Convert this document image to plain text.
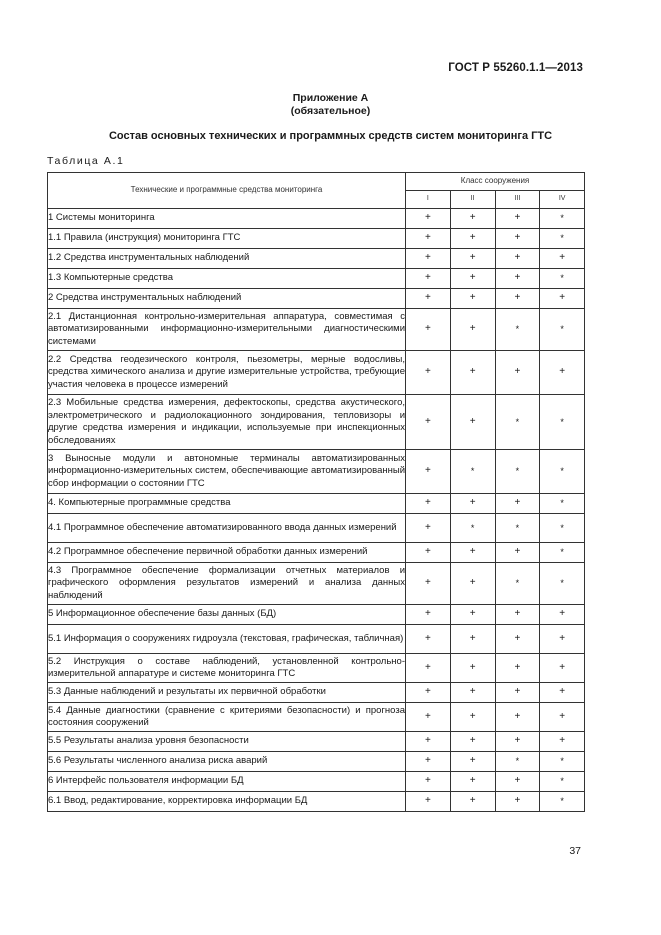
ГОСТ Р 55260.1.1—2013
Приложение А
(обязательное)
Состав основных технических и программных средств систем мониторинга ГТС
Таблица А.1
Технические и программные средства мониторинга	Класс сооружения			
	I	II	III	IV
1 Системы мониторинга	+	+	+	*
1.1 Правила (инструкция) мониторинга ГТС	+	+	+	*
1.2 Средства инструментальных наблюдений	+	+	+	+
1.3 Компьютерные средства	+	+	+	*
2 Средства инструментальных наблюдений	+	+	+	+
2.1 Дистанционная контрольно-измерительная аппаратура, совместимая с автоматизированными информационно-измерительными диагностическими системами	+	+	*	*
2.2 Средства геодезического контроля, пьезометры, мерные водосливы, средства химического анализа и другие измерительные устройства, требующие участия человека в процессе измерений	+	+	+	+
2.3 Мобильные средства измерения, дефектоскопы, средства акустического, электрометрического и радиолокационного зондирования, тепловизоры и другие средства измерения и индикации, используемые при инспекционных обследованиях	+	+	*	*
3 Выносные модули и автономные терминалы автоматизированных информационно-измерительных систем, обеспечивающие автоматизированный сбор информации о состоянии ГТС	+	*	*	*
4. Компьютерные программные средства	+	+	+	*
4.1 Программное обеспечение автоматизированного ввода данных измерений	+	*	*	*
4.2 Программное обеспечение первичной обработки данных измерений	+	+	+	*
4.3 Программное обеспечение формализации отчетных материалов и графического оформления результатов измерений и анализа данных наблюдений	+	+	*	*
5 Информационное обеспечение базы данных (БД)	+	+	+	+
5.1 Информация о сооружениях гидроузла (текстовая, графическая, табличная)	+	+	+	+
5.2 Инструкция о составе наблюдений, установленной контрольно-измерительной аппаратуре и системе мониторинга ГТС	+	+	+	+
5.3 Данные наблюдений и результаты их первичной обработки	+	+	+	+
5.4 Данные диагностики (сравнение с критериями безопасности) и прогноза состояния сооружений	+	+	+	+
5.5 Результаты анализа уровня безопасности	+	+	+	+
5.6 Результаты численного анализа риска аварий	+	+	*	*
6 Интерфейс пользователя информации БД	+	+	+	*
6.1 Ввод, редактирование, корректировка информации БД	+	+	+	*
37
